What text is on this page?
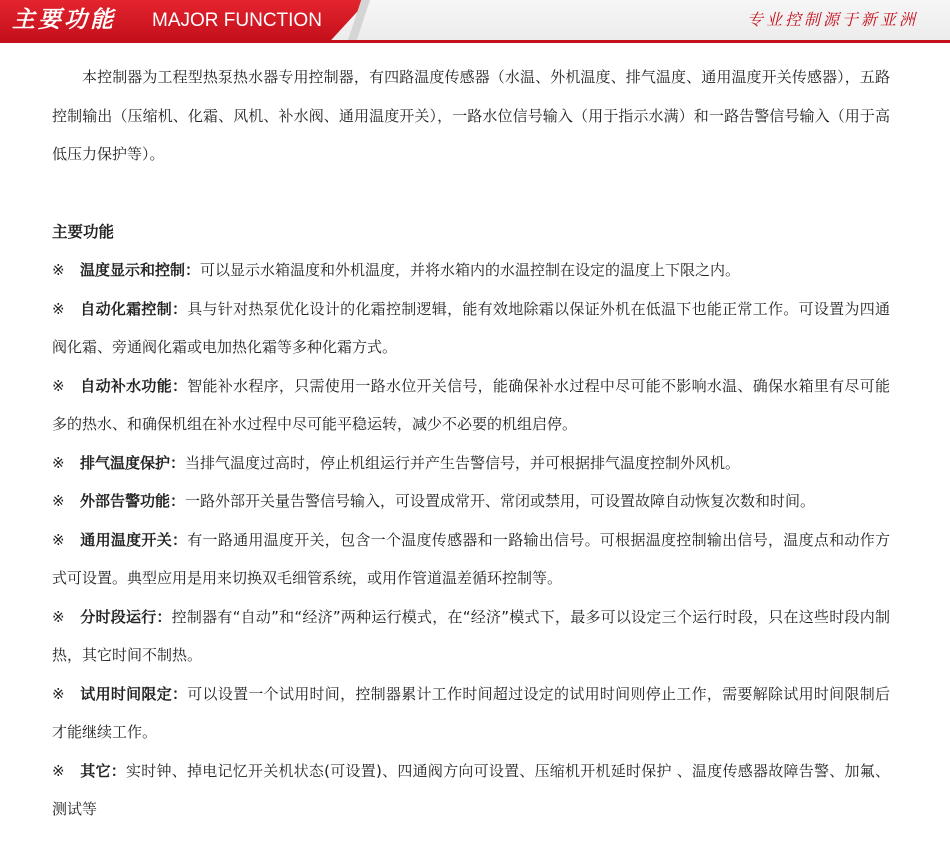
主要功能 MAJOR FUNCTION	专业控制源于新亚洲

本控制器为工程型热泵热水器专用控制器，有四路温度传感器（水温、外机温度、排气温度、通用温度开关传感器），五路控制输出（压缩机、化霜、风机、补水阀、通用温度开关），一路水位信号输入（用于指示水满）和一路告警信号输入（用于高低压力保护等）。

主要功能

※ 温度显示和控制：可以显示水箱温度和外机温度，并将水箱内的水温控制在设定的温度上下限之内。

※ 自动化霜控制：具与针对热泵优化设计的化霜控制逻辑，能有效地除霜以保证外机在低温下也能正常工作。可设置为四通阀化霜、旁通阀化霜或电加热化霜等多种化霜方式。

※ 自动补水功能：智能补水程序，只需使用一路水位开关信号，能确保补水过程中尽可能不影响水温、确保水箱里有尽可能多的热水、和确保机组在补水过程中尽可能平稳运转，减少不必要的机组启停。

※ 排气温度保护：当排气温度过高时，停止机组运行并产生告警信号，并可根据排气温度控制外风机。

※ 外部告警功能：一路外部开关量告警信号输入，可设置成常开、常闭或禁用，可设置故障自动恢复次数和时间。

※ 通用温度开关：有一路通用温度开关，包含一个温度传感器和一路输出信号。可根据温度控制输出信号，温度点和动作方式可设置。典型应用是用来切换双毛细管系统，或用作管道温差循环控制等。

※ 分时段运行：控制器有“自动”和“经济”两种运行模式，在“经济”模式下，最多可以设定三个运行时段，只在这些时段内制热，其它时间不制热。

※ 试用时间限定：可以设置一个试用时间，控制器累计工作时间超过设定的试用时间则停止工作，需要解除试用时间限制后才能继续工作。

※ 其它：实时钟、掉电记忆开关机状态(可设置)、四通阀方向可设置、压缩机开机延时保护 、温度传感器故障告警、加氟、测试等
